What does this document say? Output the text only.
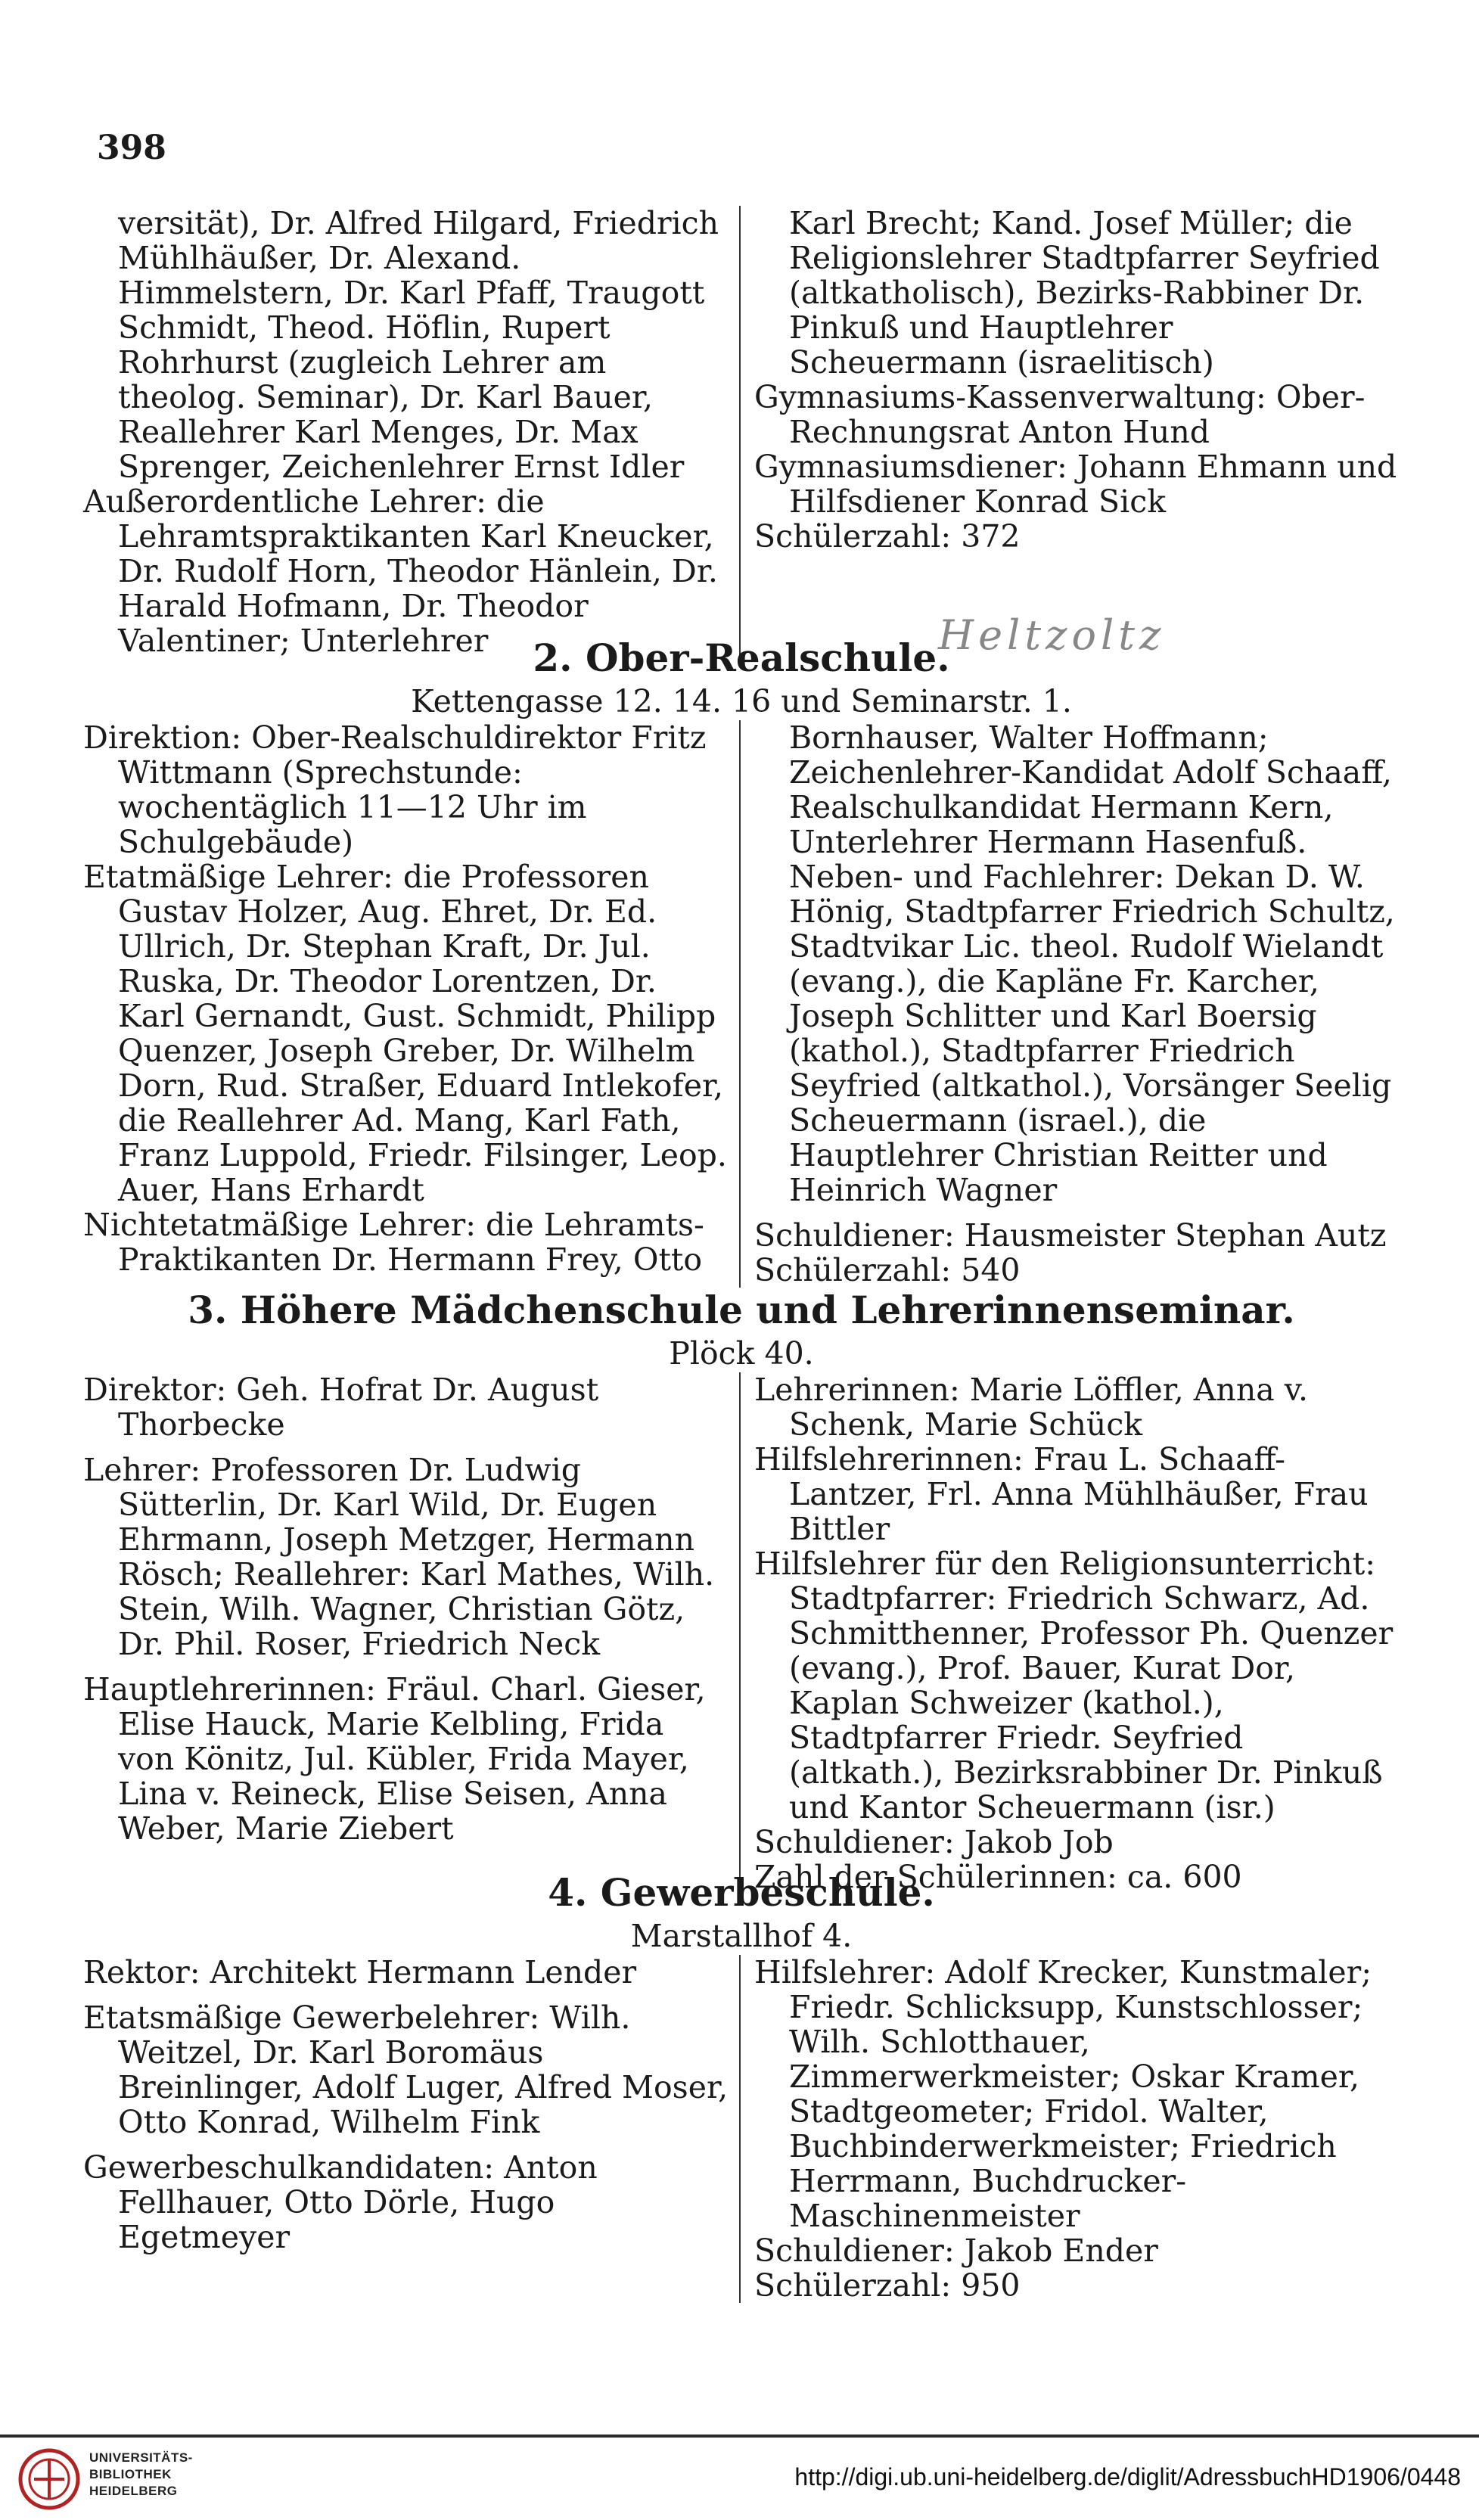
398
versität), Dr. Alfred Hilgard, Friedrich Mühlhäußer, Dr. Alexand. Himmelstern, Dr. Karl Pfaff, Traugott Schmidt, Theod. Höflin, Rupert Rohrhurst (zugleich Lehrer am theolog. Seminar), Dr. Karl Bauer, Reallehrer Karl Menges, Dr. Max Sprenger, Zeichenlehrer Ernst Idler
Außerordentliche Lehrer: die Lehramtspraktikanten Karl Kneucker, Dr. Rudolf Horn, Theodor Hänlein, Dr. Harald Hofmann, Dr. Theodor Valentiner; Unterlehrer
Karl Brecht; Kand. Josef Müller; die Religionslehrer Stadtpfarrer Seyfried (altkatholisch), Bezirks-Rabbiner Dr. Pinkuß und Hauptlehrer Scheuermann (israelitisch)
Gymnasiums-Kassenverwaltung: Ober-Rechnungsrat Anton Hund
Gymnasiumsdiener: Johann Ehmann und Hilfsdiener Konrad Sick
Schülerzahl: 372
Heltzoltz
2. Ober-Realschule.
Kettengasse 12. 14. 16 und Seminarstr. 1.
Direktion: Ober-Realschuldirektor Fritz Wittmann (Sprechstunde: wochentäglich 11—12 Uhr im Schulgebäude)
Etatmäßige Lehrer: die Professoren Gustav Holzer, Aug. Ehret, Dr. Ed. Ullrich, Dr. Stephan Kraft, Dr. Jul. Ruska, Dr. Theodor Lorentzen, Dr. Karl Gernandt, Gust. Schmidt, Philipp Quenzer, Joseph Greber, Dr. Wilhelm Dorn, Rud. Straßer, Eduard Intlekofer, die Reallehrer Ad. Mang, Karl Fath, Franz Luppold, Friedr. Filsinger, Leop. Auer, Hans Erhardt
Nichtetatmäßige Lehrer: die Lehramts-Praktikanten Dr. Hermann Frey, Otto
Bornhauser, Walter Hoffmann; Zeichenlehrer-Kandidat Adolf Schaaff, Realschulkandidat Hermann Kern, Unterlehrer Hermann Hasenfuß. Neben- und Fachlehrer: Dekan D. W. Hönig, Stadtpfarrer Friedrich Schultz, Stadtvikar Lic. theol. Rudolf Wielandt (evang.), die Kapläne Fr. Karcher, Joseph Schlitter und Karl Boersig (kathol.), Stadtpfarrer Friedrich Seyfried (altkathol.), Vorsänger Seelig Scheuermann (israel.), die Hauptlehrer Christian Reitter und Heinrich Wagner
Schuldiener: Hausmeister Stephan Autz
Schülerzahl: 540
3. Höhere Mädchenschule und Lehrerinnenseminar.
Plöck 40.
Direktor: Geh. Hofrat Dr. August Thorbecke
Lehrer: Professoren Dr. Ludwig Sütterlin, Dr. Karl Wild, Dr. Eugen Ehrmann, Joseph Metzger, Hermann Rösch; Reallehrer: Karl Mathes, Wilh. Stein, Wilh. Wagner, Christian Götz, Dr. Phil. Roser, Friedrich Neck
Hauptlehrerinnen: Fräul. Charl. Gieser, Elise Hauck, Marie Kelbling, Frida von Könitz, Jul. Kübler, Frida Mayer, Lina v. Reineck, Elise Seisen, Anna Weber, Marie Ziebert
Lehrerinnen: Marie Löffler, Anna v. Schenk, Marie Schück
Hilfslehrerinnen: Frau L. Schaaff-Lantzer, Frl. Anna Mühlhäußer, Frau Bittler
Hilfslehrer für den Religionsunterricht: Stadtpfarrer: Friedrich Schwarz, Ad. Schmitthenner, Professor Ph. Quenzer (evang.), Prof. Bauer, Kurat Dor, Kaplan Schweizer (kathol.), Stadtpfarrer Friedr. Seyfried (altkath.), Bezirksrabbiner Dr. Pinkuß und Kantor Scheuermann (isr.)
Schuldiener: Jakob Job
Zahl der Schülerinnen: ca. 600
4. Gewerbeschule.
Marstallhof 4.
Rektor: Architekt Hermann Lender
Etatsmäßige Gewerbelehrer: Wilh. Weitzel, Dr. Karl Boromäus Breinlinger, Adolf Luger, Alfred Moser, Otto Konrad, Wilhelm Fink
Gewerbeschulkandidaten: Anton Fellhauer, Otto Dörle, Hugo Egetmeyer
Hilfslehrer: Adolf Krecker, Kunstmaler; Friedr. Schlicksupp, Kunstschlosser; Wilh. Schlotthauer, Zimmerwerkmeister; Oskar Kramer, Stadtgeometer; Fridol. Walter, Buchbinderwerkmeister; Friedrich Herrmann, Buchdrucker-Maschinenmeister
Schuldiener: Jakob Ender
Schülerzahl: 950
UNIVERSITÄTS-
BIBLIOTHEK
HEIDELBERG
http://digi.ub.uni-heidelberg.de/diglit/AdressbuchHD1906/0448
